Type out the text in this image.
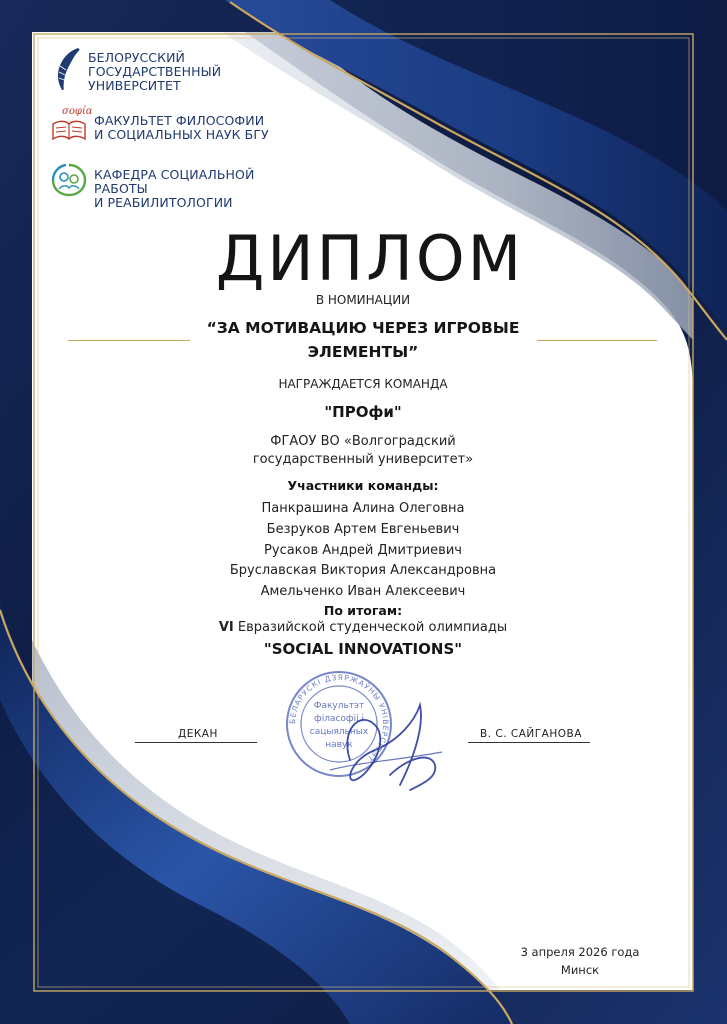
БЕЛОРУССКИЙ
ГОСУДАРСТВЕННЫЙ
УНИВЕРСИТЕТ
σοφία
ФАКУЛЬТЕТ ФИЛОСОФИИ
И СОЦИАЛЬНЫХ НАУК БГУ
КАФЕДРА СОЦИАЛЬНОЙ РАБОТЫ
И РЕАБИЛИТОЛОГИИ
ДИПЛОМ
В НОМИНАЦИИ
“ЗА МОТИВАЦИЮ ЧЕРЕЗ ИГРОВЫЕ
ЭЛЕМЕНТЫ”
НАГРАЖДАЕТСЯ КОМАНДА
"ПРОфи"
ФГАОУ ВО «Волгоградский
государственный университет»
Участники команды:
Панкрашина Алина Олеговна
Безруков Артем Евгеньевич
Русаков Андрей Дмитриевич
Бруславская Виктория Александровна
Амельченко Иван Алексеевич
По итогам:
VI Евразийской студенческой олимпиады
"SOCIAL INNOVATIONS"
БЕЛАРУСКІ ДЗЯРЖАЎНЫ УНІВЕРСІТЭТ
Факультэт
філасофіі і
сацыяльных
навук
ДЕКАН	В. С. САЙГАНОВА
3 апреля 2026 года
Минск
